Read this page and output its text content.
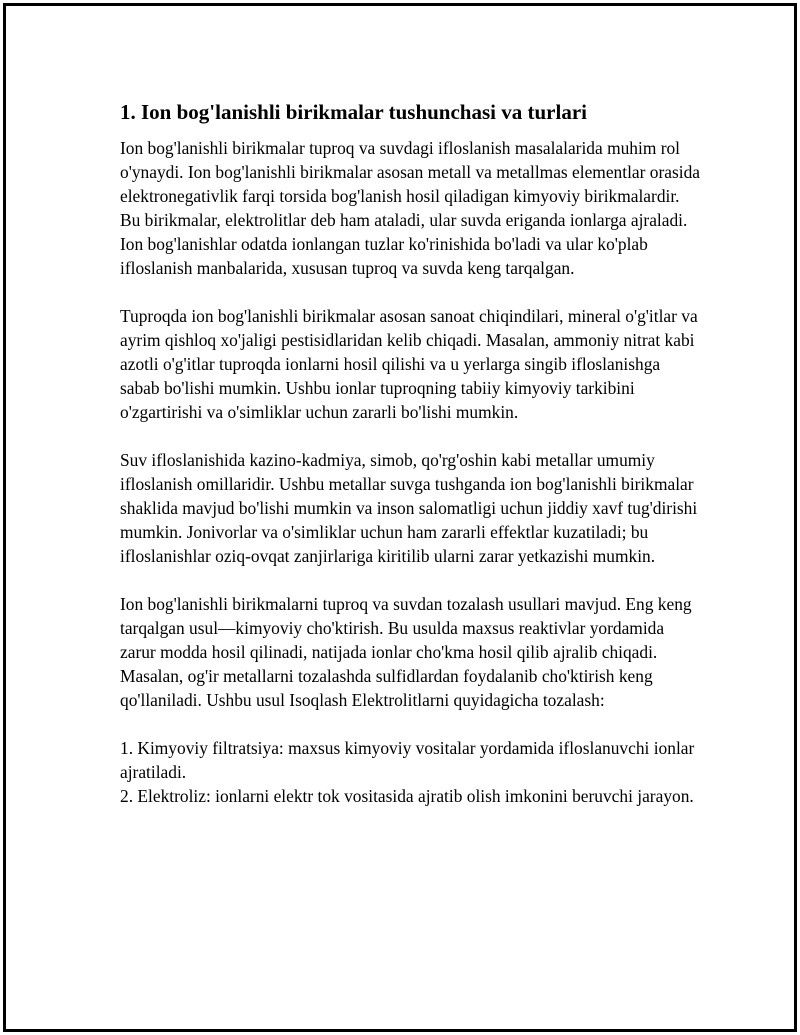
1. Ion bog'lanishli birikmalar tushunchasi va turlari

Ion bog'lanishli birikmalar tuproq va suvdagi ifloslanish masalalarida muhim rol o'ynaydi. Ion bog'lanishli birikmalar asosan metall va metallmas elementlar orasida elektronegativlik farqi torsida bog'lanish hosil qiladigan kimyoviy birikmalardir. Bu birikmalar, elektrolitlar deb ham ataladi, ular suvda eriganda ionlarga ajraladi. Ion bog'lanishlar odatda ionlangan tuzlar ko'rinishida bo'ladi va ular ko'plab ifloslanish manbalarida, xususan tuproq va suvda keng tarqalgan.

Tuproqda ion bog'lanishli birikmalar asosan sanoat chiqindilari, mineral o'g'itlar va ayrim qishloq xo'jaligi pestisidlaridan kelib chiqadi. Masalan, ammoniy nitrat kabi azotli o'g'itlar tuproqda ionlarni hosil qilishi va u yerlarga singib ifloslanishga sabab bo'lishi mumkin. Ushbu ionlar tuproqning tabiiy kimyoviy tarkibini o'zgartirishi va o'simliklar uchun zararli bo'lishi mumkin.

Suv ifloslanishida kazino-kadmiya, simob, qo'rg'oshin kabi metallar umumiy ifloslanish omillaridir. Ushbu metallar suvga tushganda ion bog'lanishli birikmalar shaklida mavjud bo'lishi mumkin va inson salomatligi uchun jiddiy xavf tug'dirishi mumkin. Jonivorlar va o'simliklar uchun ham zararli effektlar kuzatiladi; bu ifloslanishlar oziq-ovqat zanjirlariga kiritilib ularni zarar yetkazishi mumkin.

Ion bog'lanishli birikmalarni tuproq va suvdan tozalash usullari mavjud. Eng keng tarqalgan usul—kimyoviy cho'ktirish. Bu usulda maxsus reaktivlar yordamida zarur modda hosil qilinadi, natijada ionlar cho'kma hosil qilib ajralib chiqadi. Masalan, og'ir metallarni tozalashda sulfidlardan foydalanib cho'ktirish keng qo'llaniladi. Ushbu usul Isoqlash Elektrolitlarni quyidagicha tozalash:

1. Kimyoviy filtratsiya: maxsus kimyoviy vositalar yordamida ifloslanuvchi ionlar ajratiladi.
2. Elektroliz: ionlarni elektr tok vositasida ajratib olish imkonini beruvchi jarayon.
